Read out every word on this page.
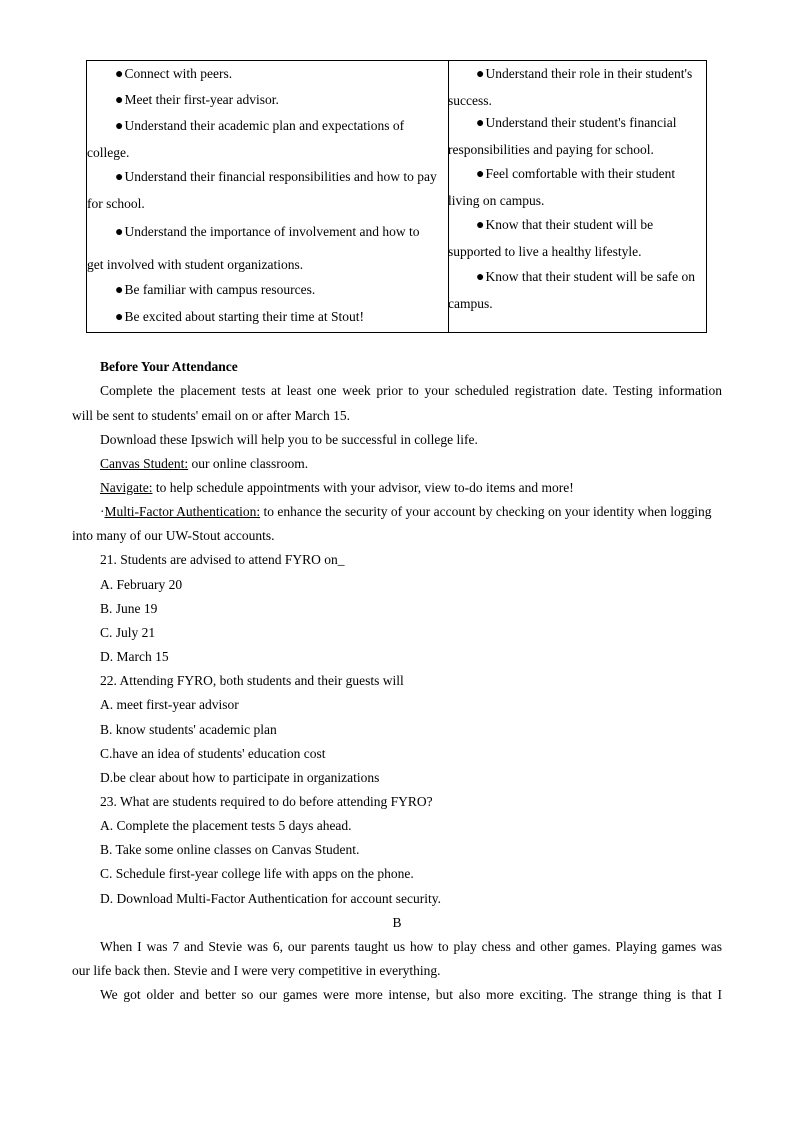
● Connect with peers.
● Meet their first-year advisor.
● Understand their academic plan and expectations of
college.
● Understand their financial responsibilities and how to pay
for school.
● Understand the importance of involvement and how to
get involved with student organizations.
● Be familiar with campus resources.
● Be excited about starting their time at Stout!
● Understand their role in their student's
success.
● Understand their student's financial
responsibilities and paying for school.
● Feel comfortable with their student
living on campus.
● Know that their student will be
supported to live a healthy lifestyle.
● Know that their student will be safe on
campus.
Before Your Attendance
Complete the placement tests at least one week prior to your scheduled registration date. Testing information
will be sent to students' email on or after March 15.
Download these Ipswich will help you to be successful in college life.
Canvas Student: our online classroom.
Navigate: to help schedule appointments with your advisor, view to-do items and more!
·Multi-Factor Authentication: to enhance the security of your account by checking on your identity when logging
into many of our UW-Stout accounts.
21. Students are advised to attend FYRO on_
A. February 20
B. June 19
C. July 21
D. March 15
22. Attending FYRO, both students and their guests will
A. meet first-year advisor
B. know students' academic plan
C.have an idea of students' education cost
D.be clear about how to participate in organizations
23. What are students required to do before attending FYRO?
A. Complete the placement tests 5 days ahead.
B. Take some online classes on Canvas Student.
C. Schedule first-year college life with apps on the phone.
D. Download Multi-Factor Authentication for account security.
B
When I was 7 and Stevie was 6, our parents taught us how to play chess and other games. Playing games was
our life back then. Stevie and I were very competitive in everything.
We got older and better so our games were more intense, but also more exciting. The strange thing is that I
